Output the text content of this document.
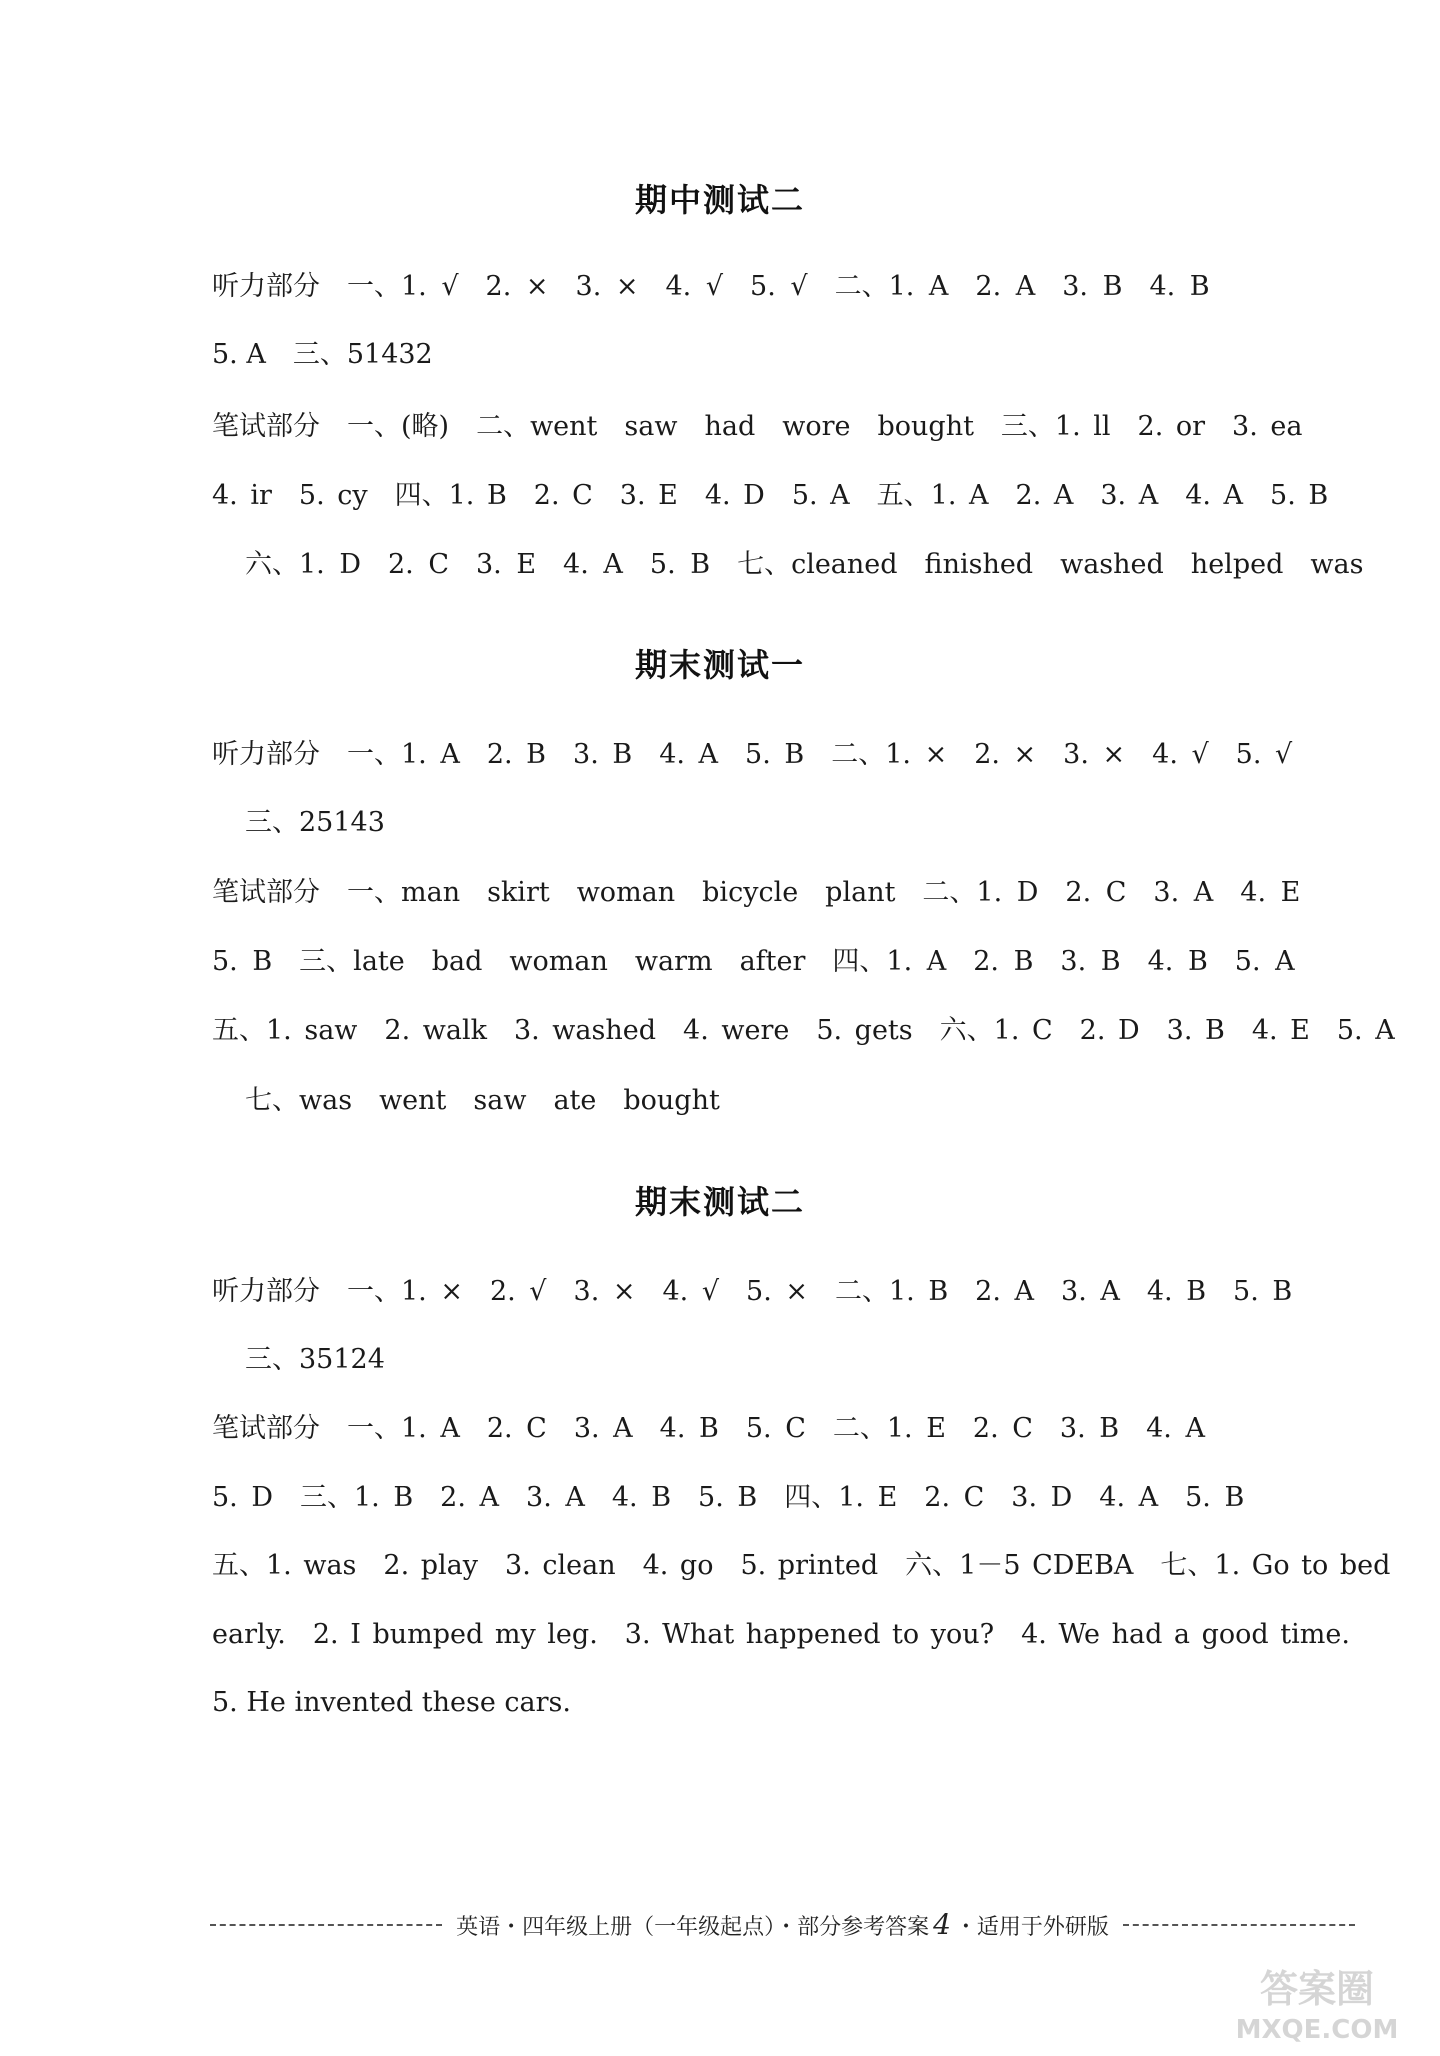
期中测试二
听力部分　一、1. √　2. ×　3. ×　4. √　5. √　二、1. A　2. A　3. B　4. B
5. A　三、51432
笔试部分　一、(略)　二、went　saw　had　wore　bought　三、1. ll　2. or　3. ea
4. ir　5. cy　四、1. B　2. C　3. E　4. D　5. A　五、1. A　2. A　3. A　4. A　5. B
六、1. D　2. C　3. E　4. A　5. B　七、cleaned　finished　washed　helped　was
期末测试一
听力部分　一、1. A　2. B　3. B　4. A　5. B　二、1. ×　2. ×　3. ×　4. √　5. √
三、25143
笔试部分　一、man　skirt　woman　bicycle　plant　二、1. D　2. C　3. A　4. E
5. B　三、late　bad　woman　warm　after　四、1. A　2. B　3. B　4. B　5. A
五、1. saw　2. walk　3. washed　4. were　5. gets　六、1. C　2. D　3. B　4. E　5. A
七、was　went　saw　ate　bought
期末测试二
听力部分　一、1. ×　2. √　3. ×　4. √　5. ×　二、1. B　2. A　3. A　4. B　5. B
三、35124
笔试部分　一、1. A　2. C　3. A　4. B　5. C　二、1. E　2. C　3. B　4. A
5. D　三、1. B　2. A　3. A　4. B　5. B　四、1. E　2. C　3. D　4. A　5. B
五、1. was　2. play　3. clean　4. go　5. printed　六、1－5 CDEBA　七、1. Go to bed
early.　2. I bumped my leg.　3. What happened to you?　4. We had a good time.
5. He invented these cars.
英语・四年级上册（一年级起点）・部分参考答案 4 ・适用于外研版
答案圈
MXQE.COM
